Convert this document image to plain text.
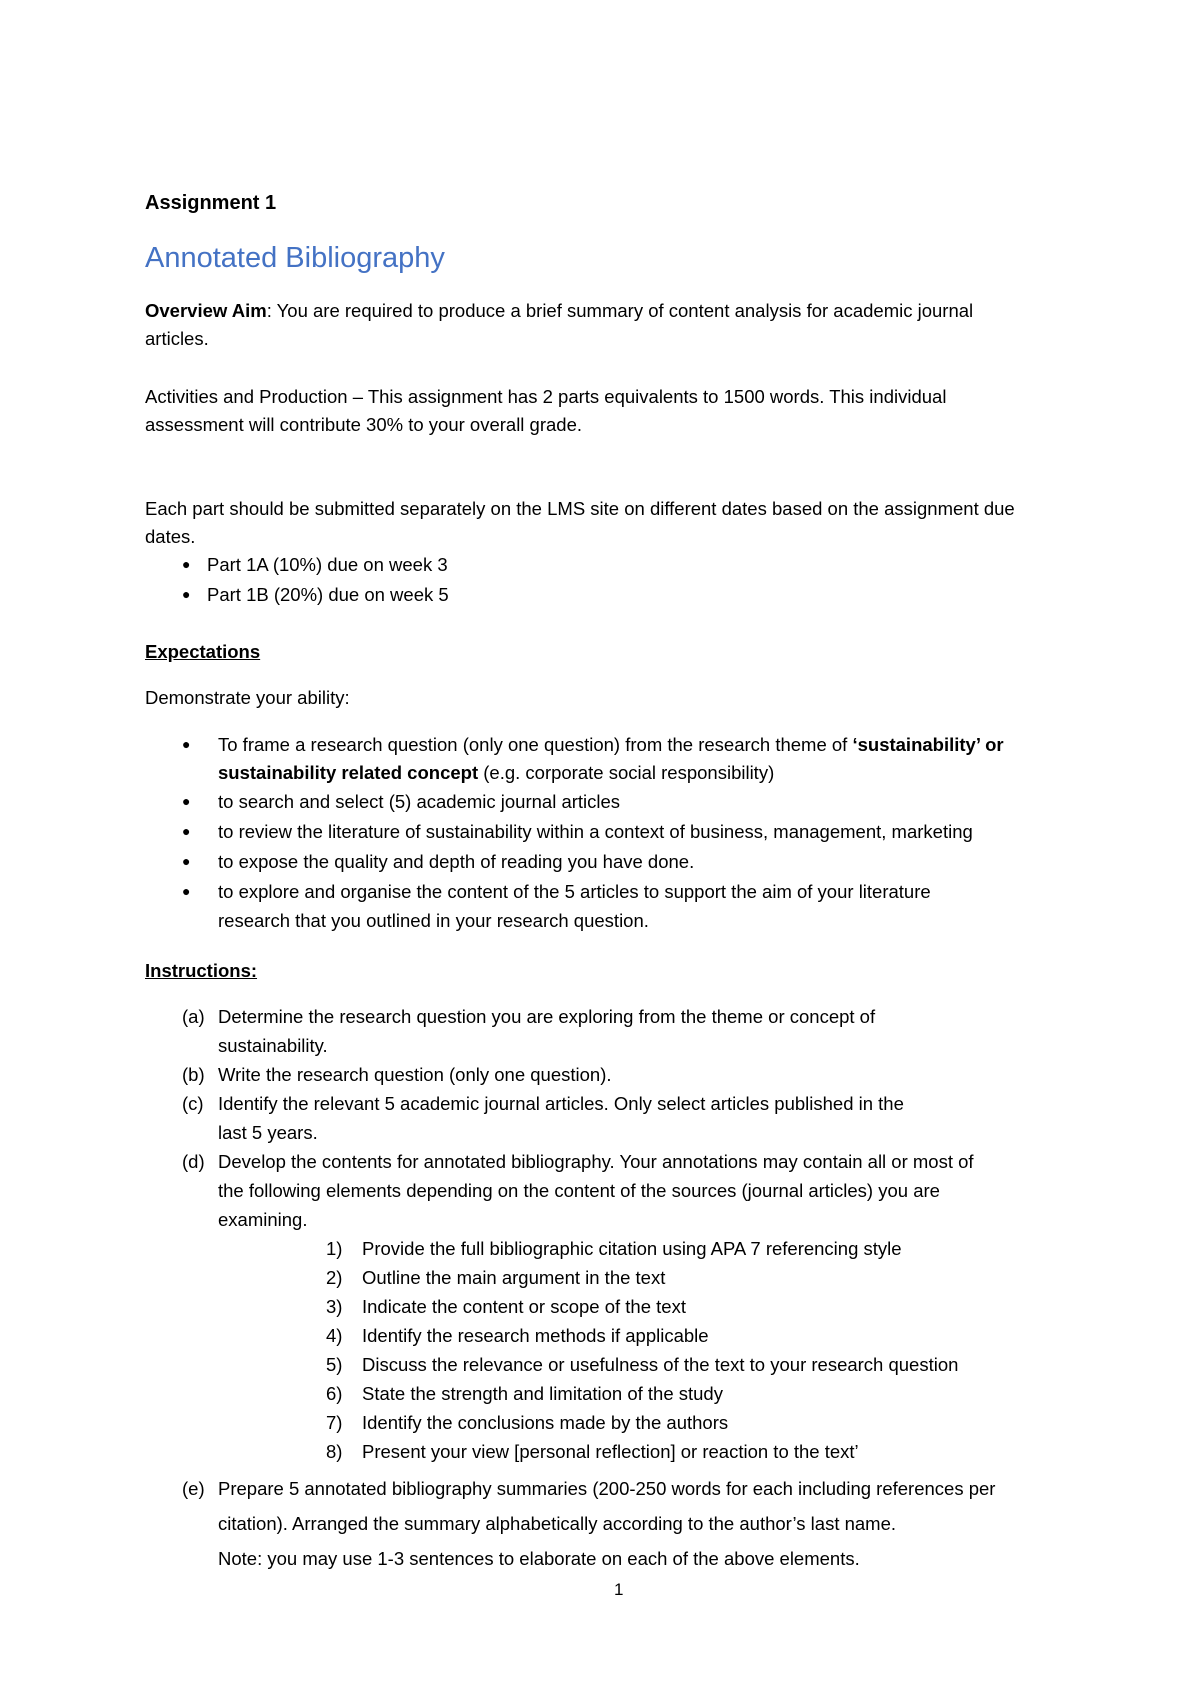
Assignment 1
Annotated Bibliography
Overview Aim: You are required to produce a brief summary of content analysis for academic journal
articles.
Activities and Production – This assignment has 2 parts equivalents to 1500 words. This individual
assessment will contribute 30% to your overall grade.
Each part should be submitted separately on the LMS site on different dates based on the assignment due
dates.
● Part 1A (10%) due on week 3
● Part 1B (20%) due on week 5
Expectations
Demonstrate your ability:
● To frame a research question (only one question) from the research theme of ‘sustainability’ or
sustainability related concept (e.g. corporate social responsibility)
● to search and select (5) academic journal articles
● to review the literature of sustainability within a context of business, management, marketing
● to expose the quality and depth of reading you have done.
● to explore and organise the content of the 5 articles to support the aim of your literature
research that you outlined in your research question.
Instructions:
(a) Determine the research question you are exploring from the theme or concept of
sustainability.
(b) Write the research question (only one question).
(c) Identify the relevant 5 academic journal articles. Only select articles published in the
last 5 years.
(d) Develop the contents for annotated bibliography. Your annotations may contain all or most of
the following elements depending on the content of the sources (journal articles) you are
examining.
1) Provide the full bibliographic citation using APA 7 referencing style
2) Outline the main argument in the text
3) Indicate the content or scope of the text
4) Identify the research methods if applicable
5) Discuss the relevance or usefulness of the text to your research question
6) State the strength and limitation of the study
7) Identify the conclusions made by the authors
8) Present your view [personal reflection] or reaction to the text’
(e) Prepare 5 annotated bibliography summaries (200-250 words for each including references per
citation). Arranged the summary alphabetically according to the author’s last name.
Note: you may use 1-3 sentences to elaborate on each of the above elements.
1
